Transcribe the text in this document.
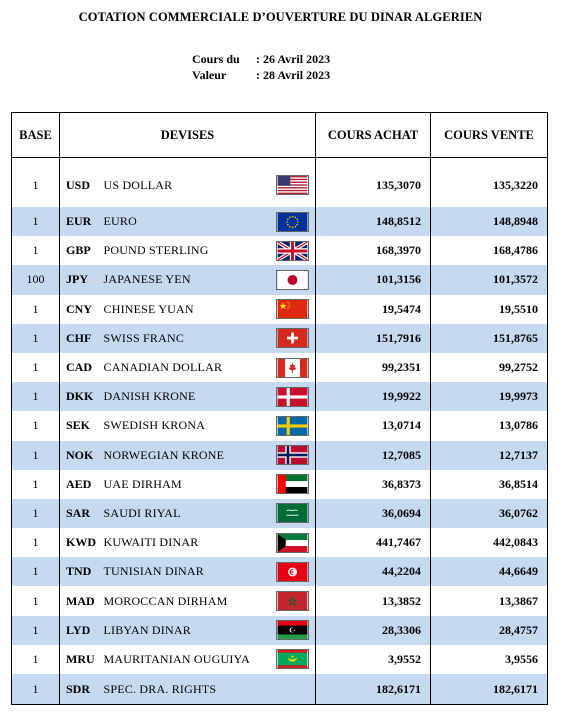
COTATION COMMERCIALE D’OUVERTURE DU DINAR ALGERIEN
Cours du	: 26 Avril 2023
Valeur	: 28 Avril 2023
BASE	DEVISES			COURS ACHAT	COURS VENTE
1	USD	US DOLLAR		135,3070	135,3220
1	EUR	EURO		148,8512	148,8948
1	GBP	POUND STERLING		168,3970	168,4786
100	JPY	JAPANESE YEN		101,3156	101,3572
1	CNY	CHINESE YUAN		19,5474	19,5510
1	CHF	SWISS FRANC		151,7916	151,8765
1	CAD	CANADIAN DOLLAR		99,2351	99,2752
1	DKK	DANISH KRONE		19,9922	19,9973
1	SEK	SWEDISH KRONA		13,0714	13,0786
1	NOK	NORWEGIAN KRONE		12,7085	12,7137
1	AED	UAE DIRHAM		36,8373	36,8514
1	SAR	SAUDI RIYAL		36,0694	36,0762
1	KWD	KUWAITI DINAR		441,7467	442,0843
1	TND	TUNISIAN DINAR		44,2204	44,6649
1	MAD	MOROCCAN DIRHAM		13,3852	13,3867
1	LYD	LIBYAN DINAR		28,3306	28,4757
1	MRU	MAURITANIAN OUGUIYA		3,9552	3,9556
1	SDR	SPEC. DRA. RIGHTS		182,6171	182,6171
